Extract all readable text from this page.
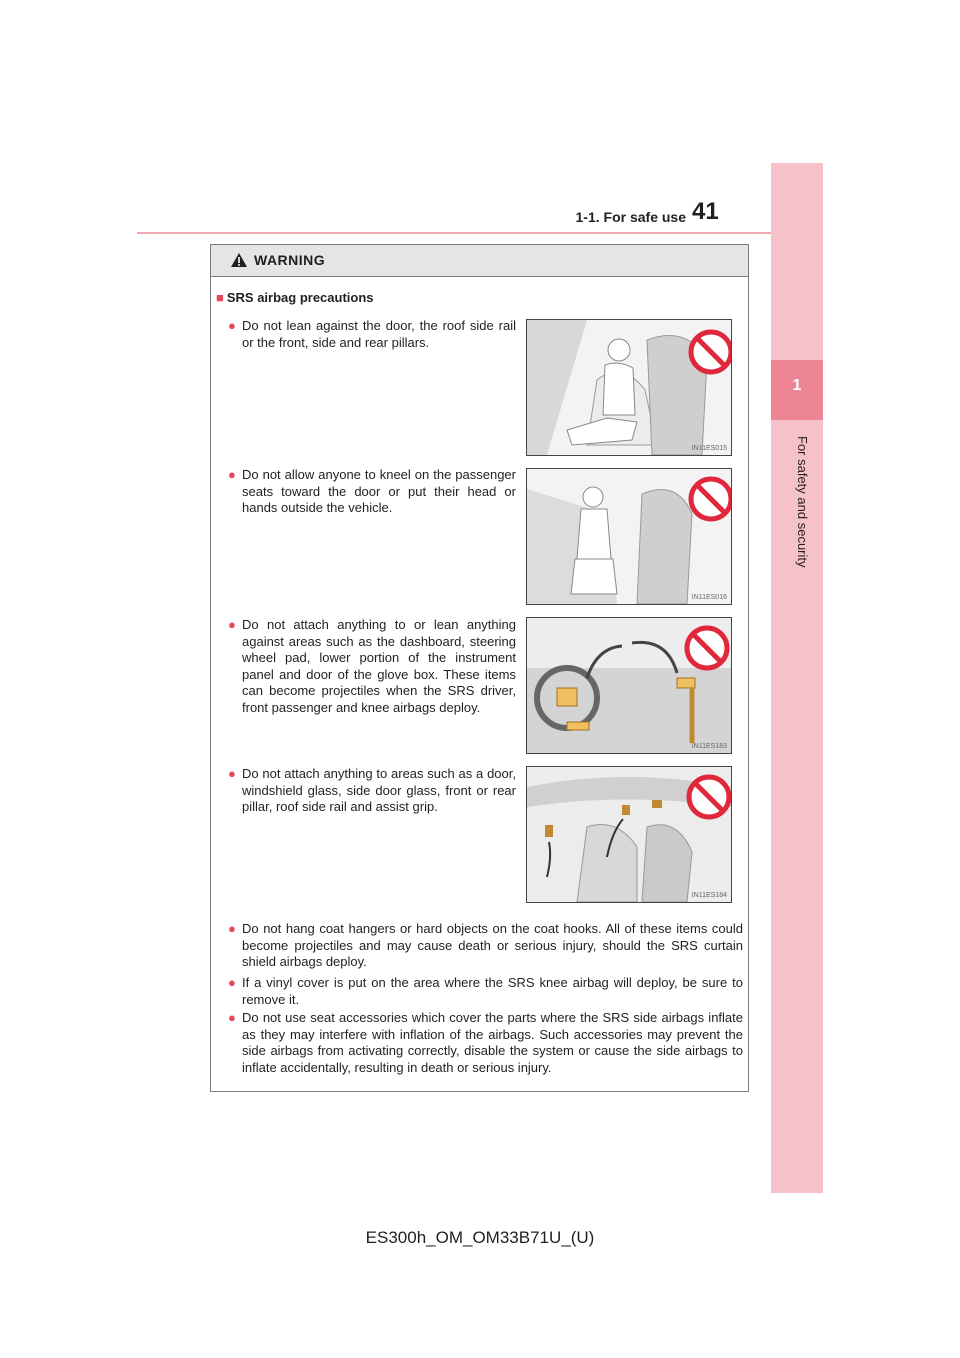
1-1. For safe use 41
1
For safety and security
WARNING
■ SRS airbag precautions
● Do not lean against the door, the roof side rail or the front, side and rear pillars.
IN11ES015
● Do not allow anyone to kneel on the passenger seats toward the door or put their head or hands outside the vehicle.
IN11ES016
● Do not attach anything to or lean anything against areas such as the dashboard, steering wheel pad, lower portion of the instrument panel and door of the glove box. These items can become projectiles when the SRS driver, front passenger and knee airbags deploy.
IN11ES183
● Do not attach anything to areas such as a door, windshield glass, side door glass, front or rear pillar, roof side rail and assist grip.
IN11ES184
● Do not hang coat hangers or hard objects on the coat hooks. All of these items could become projectiles and may cause death or serious injury, should the SRS curtain shield airbags deploy.
● If a vinyl cover is put on the area where the SRS knee airbag will deploy, be sure to remove it.
● Do not use seat accessories which cover the parts where the SRS side airbags inflate as they may interfere with inflation of the airbags. Such accessories may prevent the side airbags from activating correctly, disable the system or cause the side airbags to inflate accidentally, resulting in death or serious injury.
ES300h_OM_OM33B71U_(U)
